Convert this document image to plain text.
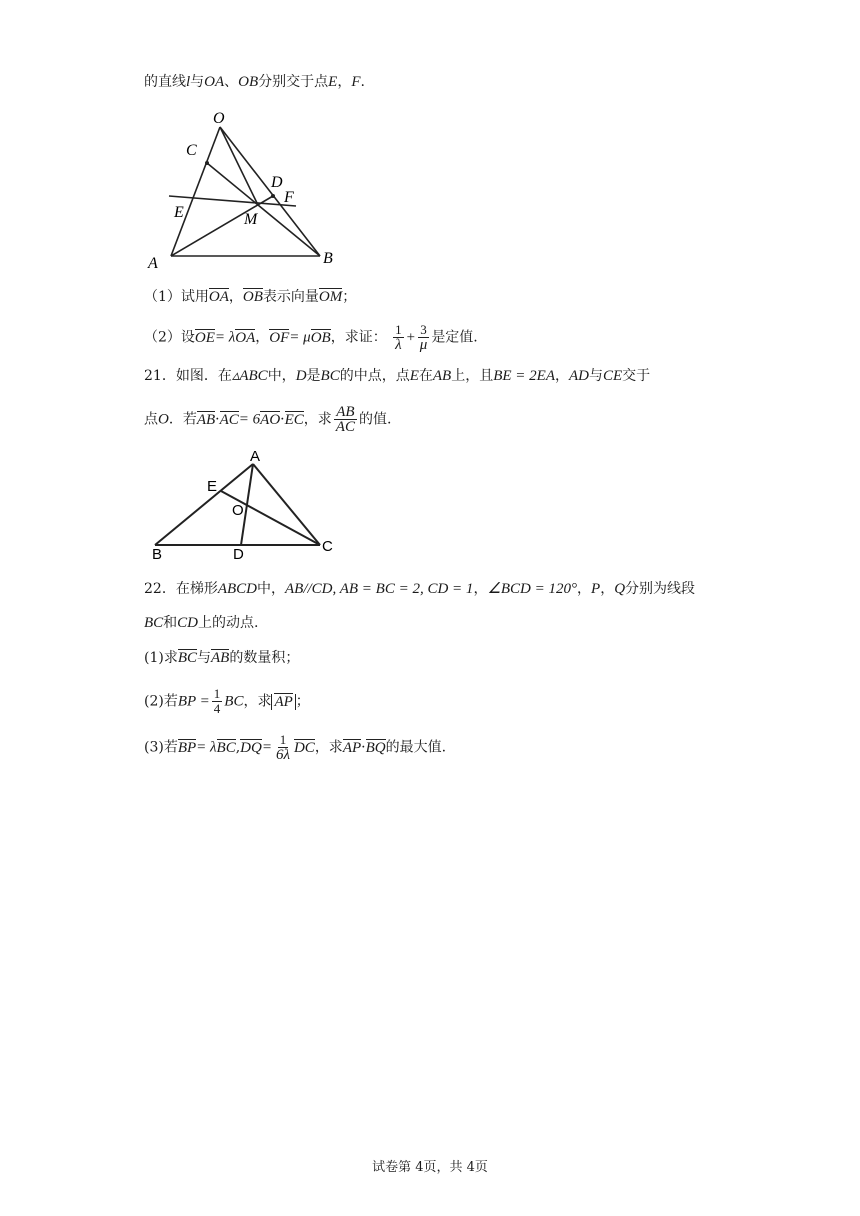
的直线l与OA、OB分别交于点E，F.
O
C
D
F
E	M
A	B
（1）试用OA，OB表示向量OM；
（2）设OE= λOA，OF= μOB，求证： $\frac{1}{\lambda} + \frac{3}{\mu}$ 是定值.
21．如图．在▵ABC中，D是BC的中点，点E在AB上，且BE = 2EA，AD与CE交于
点O．若AB·AC= 6AO·EC，求 $\frac{AB}{AC}$ 的值.
A
E
O
B	D	C
22．在梯形ABCD中，AB//CD, AB = BC = 2, CD = 1，∠BCD = 120°，P，Q分别为线段
BC和CD上的动点.
(1)求BC与AB的数量积；
(2)若BP = $\frac{1}{4}$ BC，求 AP ；
(3)若$BP= \lambda BC,DQ= \frac{1}{6\lambda}$ DC，求AP·BQ的最大值.
试卷第 4页，共 4页
